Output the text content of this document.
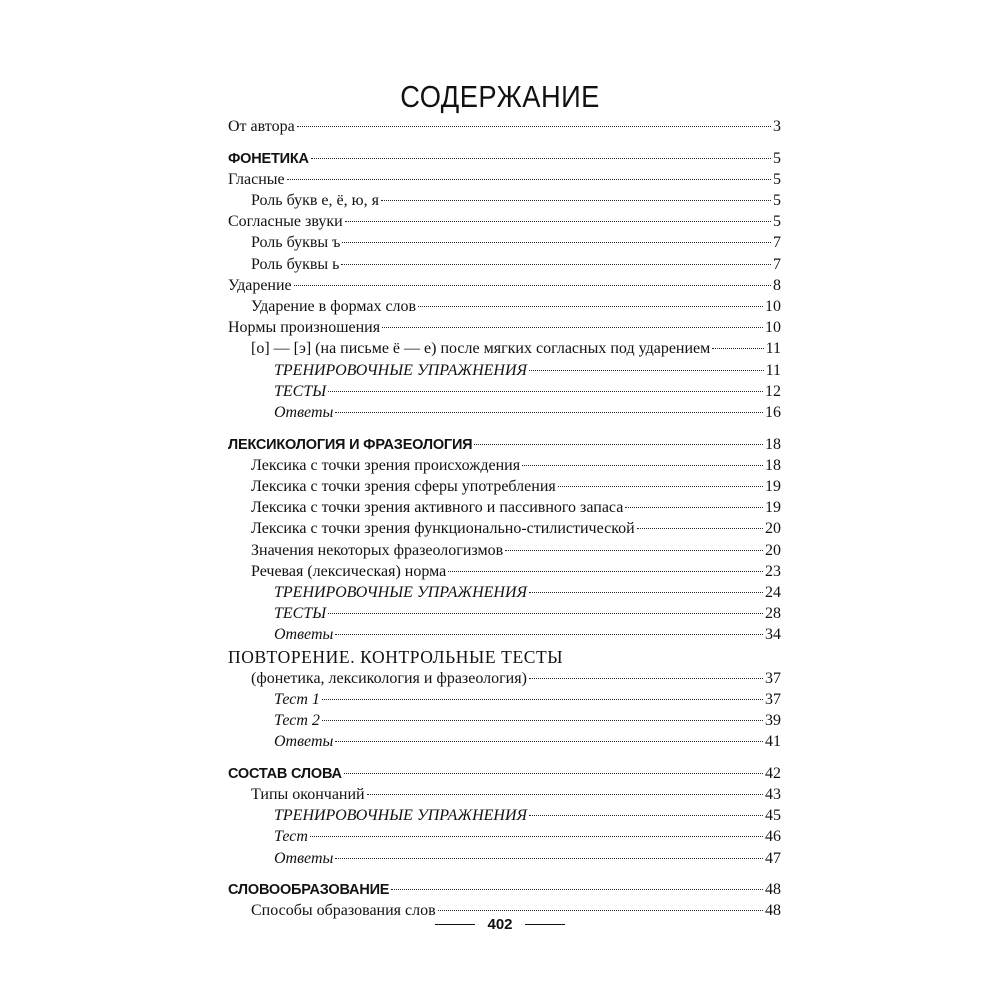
СОДЕРЖАНИЕ
От автора	3
ФОНЕТИКА	5
Гласные	5
Роль букв е, ё, ю, я	5
Согласные звуки	5
Роль буквы ъ	7
Роль буквы ь	7
Ударение	8
Ударение в формах слов	10
Нормы произношения	10
[о] — [э] (на письме ё — е) после мягких согласных под ударением	11
ТРЕНИРОВОЧНЫЕ УПРАЖНЕНИЯ	11
ТЕСТЫ	12
Ответы	16
ЛЕКСИКОЛОГИЯ И ФРАЗЕОЛОГИЯ	18
Лексика с точки зрения происхождения	18
Лексика с точки зрения сферы употребления	19
Лексика с точки зрения активного и пассивного запаса	19
Лексика с точки зрения функционально-стилистической	20
Значения некоторых фразеологизмов	20
Речевая (лексическая) норма	23
ТРЕНИРОВОЧНЫЕ УПРАЖНЕНИЯ	24
ТЕСТЫ	28
Ответы	34
ПОВТОРЕНИЕ. КОНТРОЛЬНЫЕ ТЕСТЫ
(фонетика, лексикология и фразеология)	37
Тест 1	37
Тест 2	39
Ответы	41
СОСТАВ СЛОВА	42
Типы окончаний	43
ТРЕНИРОВОЧНЫЕ УПРАЖНЕНИЯ	45
Тест	46
Ответы	47
СЛОВООБРАЗОВАНИЕ	48
Способы образования слов	48
402
